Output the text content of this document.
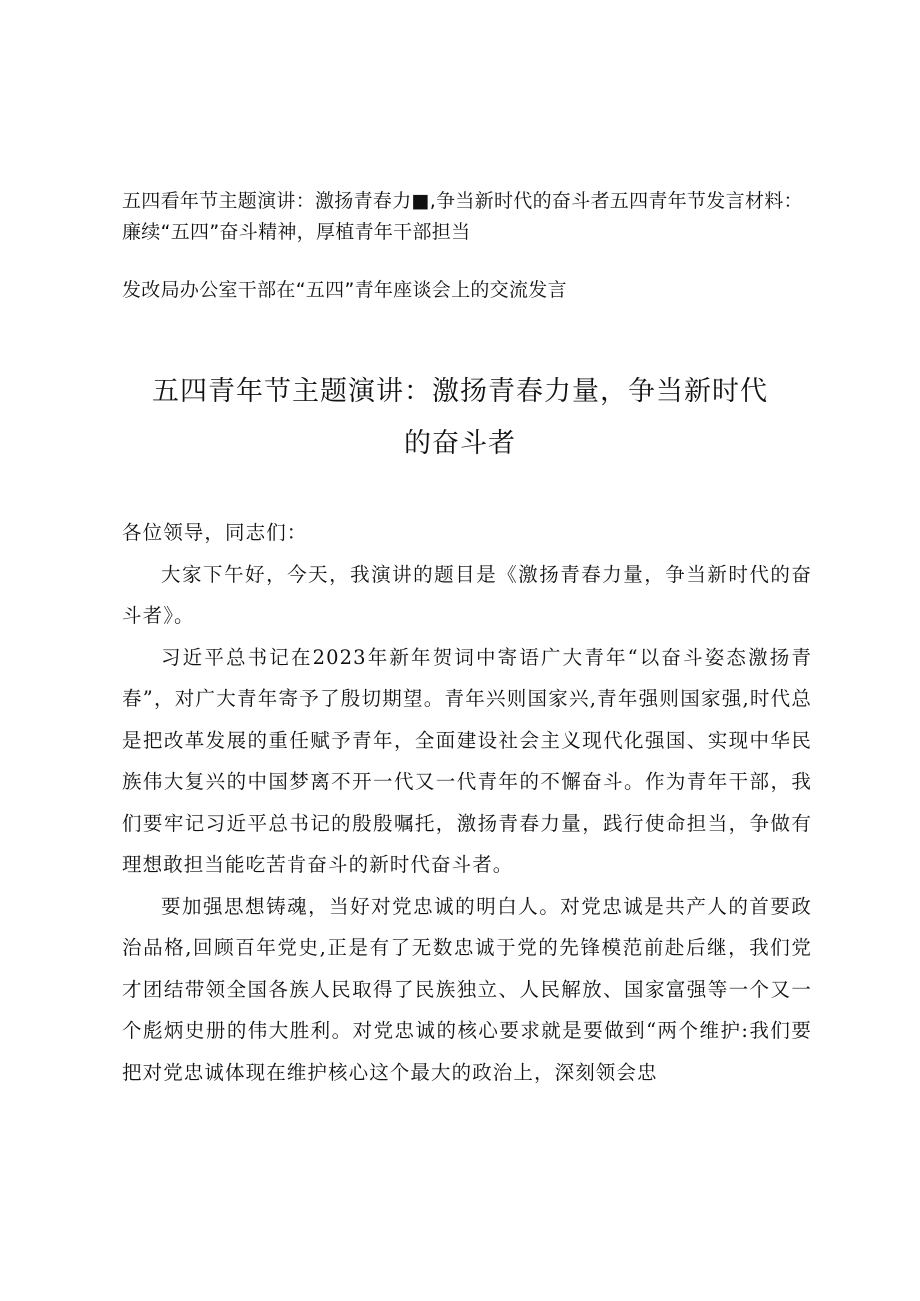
五四看年节主题演讲：激扬青春力■,争当新时代的奋斗者五四青年节发言材料：廉续“五四”奋斗精神，厚植青年干部担当

发改局办公室干部在“五四”青年座谈会上的交流发言

五四青年节主题演讲：激扬青春力量，争当新时代的奋斗者

各位领导，同志们：

大家下午好，今天，我演讲的题目是《激扬青春力量，争当新时代的奋斗者》。

习近平总书记在2023年新年贺词中寄语广大青年“以奋斗姿态激扬青春”，对广大青年寄予了殷切期望。青年兴则国家兴,青年强则国家强,时代总是把改革发展的重任赋予青年，全面建设社会主义现代化强国、实现中华民族伟大复兴的中国梦离不开一代又一代青年的不懈奋斗。作为青年干部，我们要牢记习近平总书记的殷殷嘱托，激扬青春力量，践行使命担当，争做有理想敢担当能吃苦肯奋斗的新时代奋斗者。

要加强思想铸魂，当好对党忠诚的明白人。对党忠诚是共产人的首要政治品格,回顾百年党史,正是有了无数忠诚于党的先锋模范前赴后继，我们党才团结带领全国各族人民取得了民族独立、人民解放、国家富强等一个又一个彪炳史册的伟大胜利。对党忠诚的核心要求就是要做到“两个维护:我们要把对党忠诚体现在维护核心这个最大的政治上，深刻领会忠
